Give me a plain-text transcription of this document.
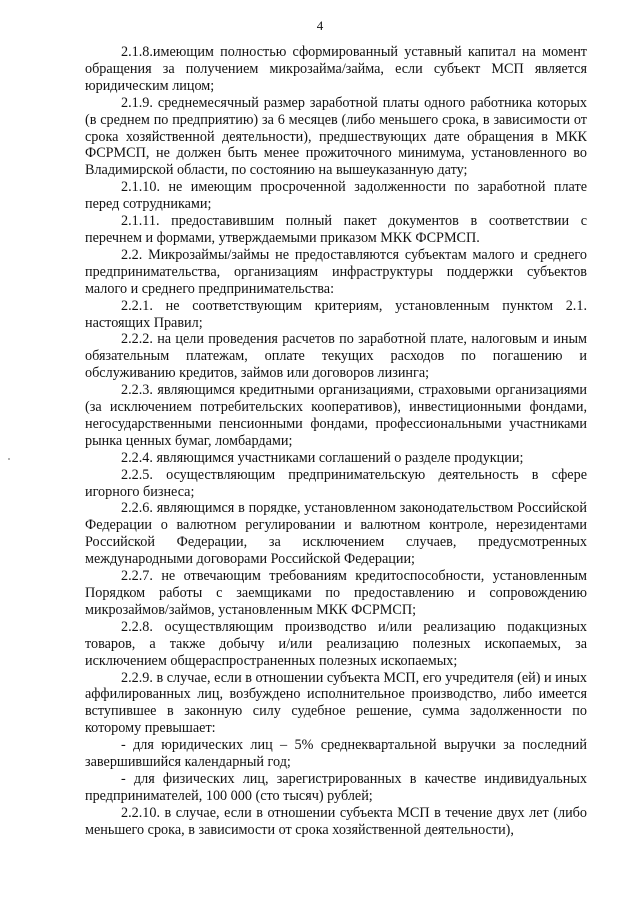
4

2.1.8.имеющим полностью сформированный уставный капитал на момент обращения за получением микрозайма/займа, если субъект МСП является юридическим лицом;

2.1.9. среднемесячный размер заработной платы одного работника которых (в среднем по предприятию) за 6 месяцев (либо меньшего срока, в зависимости от срока хозяйственной деятельности), предшествующих дате обращения в МКК ФСРМСП, не должен быть менее прожиточного минимума, установленного во Владимирской области, по состоянию на вышеуказанную дату;

2.1.10. не имеющим просроченной задолженности по заработной плате перед сотрудниками;

2.1.11. предоставившим полный пакет документов в соответствии с перечнем и формами, утверждаемыми приказом МКК ФСРМСП.

2.2. Микрозаймы/займы не предоставляются субъектам малого и среднего предпринимательства, организациям инфраструктуры поддержки субъектов малого и среднего предпринимательства:

2.2.1. не соответствующим критериям, установленным пунктом 2.1. настоящих Правил;

2.2.2. на цели проведения расчетов по заработной плате, налоговым и иным обязательным платежам, оплате текущих расходов по погашению и обслуживанию кредитов, займов или договоров лизинга;

2.2.3. являющимся кредитными организациями, страховыми организациями (за исключением потребительских кооперативов), инвестиционными фондами, негосударственными пенсионными фондами, профессиональными участниками рынка ценных бумаг, ломбардами;

2.2.4. являющимся участниками соглашений о разделе продукции;

2.2.5. осуществляющим предпринимательскую деятельность в сфере игорного бизнеса;

2.2.6. являющимся в порядке, установленном законодательством Российской Федерации о валютном регулировании и валютном контроле, нерезидентами Российской Федерации, за исключением случаев, предусмотренных международными договорами Российской Федерации;

2.2.7. не отвечающим требованиям кредитоспособности, установленным Порядком работы с заемщиками по предоставлению и сопровождению микрозаймов/займов, установленным МКК ФСРМСП;

2.2.8. осуществляющим производство и/или реализацию подакцизных товаров, а также добычу и/или реализацию полезных ископаемых, за исключением общераспространенных полезных ископаемых;

2.2.9. в случае, если в отношении субъекта МСП, его учредителя (ей) и иных аффилированных лиц, возбуждено исполнительное производство, либо имеется вступившее в законную силу судебное решение, сумма задолженности по которому превышает:

- для юридических лиц – 5% среднеквартальной выручки за последний завершившийся календарный год;

- для физических лиц, зарегистрированных в качестве индивидуальных предпринимателей, 100 000 (сто тысяч) рублей;

2.2.10. в случае, если в отношении субъекта МСП в течение двух лет (либо меньшего срока, в зависимости от срока хозяйственной деятельности),
